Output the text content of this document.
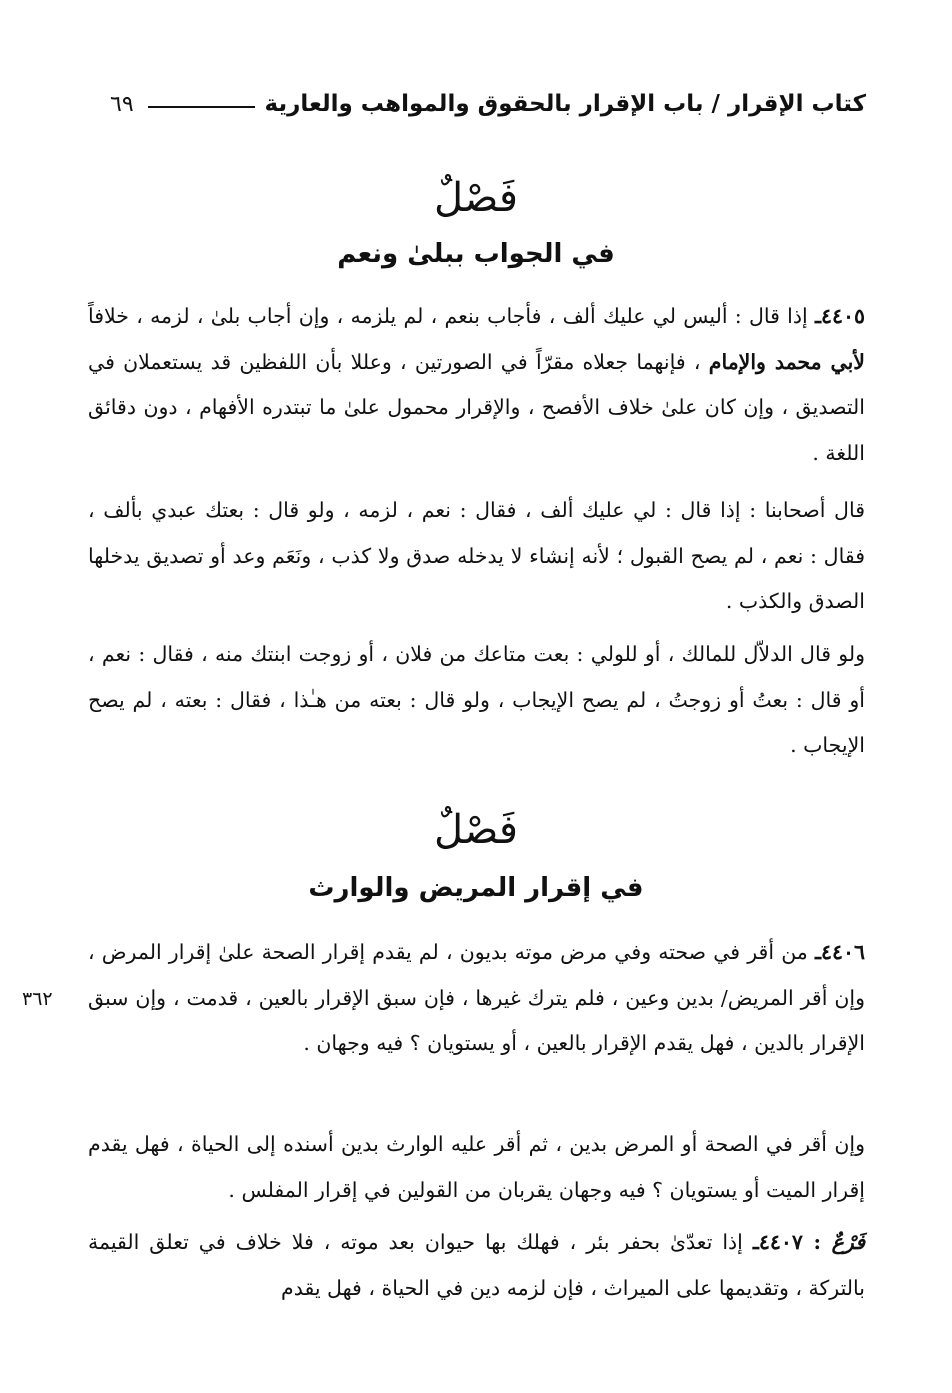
كتاب الإقرار / باب الإقرار بالحقوق والمواهب والعارية
٦٩
فَصْلٌ
في الجواب ببلىٰ ونعم

٤٤٠٥ـ إذا قال : أليس لي عليك ألف ، فأجاب بنعم ، لم يلزمه ، وإن أجاب بلىٰ ، لزمه ، خلافاً لأبي محمد والإمام ، فإنهما جعلاه مقرّاً في الصورتين ، وعللا بأن اللفظين قد يستعملان في التصديق ، وإن كان علىٰ خلاف الأفصح ، والإقرار محمول علىٰ ما تبتدره الأفهام ، دون دقائق اللغة .

قال أصحابنا : إذا قال : لي عليك ألف ، فقال : نعم ، لزمه ، ولو قال : بعتك عبدي بألف ، فقال : نعم ، لم يصح القبول ؛ لأنه إنشاء لا يدخله صدق ولا كذب ، ونَعَم وعد أو تصديق يدخلها الصدق والكذب .

ولو قال الدلاّل للمالك ، أو للولي : بعت متاعك من فلان ، أو زوجت ابنتك منه ، فقال : نعم ، أو قال : بعتُ أو زوجتُ ، لم يصح الإيجاب ، ولو قال : بعته من هـٰذا ، فقال : بعته ، لم يصح الإيجاب .

فَصْلٌ
في إقرار المريض والوارث

٤٤٠٦ـ من أقر في صحته وفي مرض موته بديون ، لم يقدم إقرار الصحة علىٰ إقرار المرض ، وإن أقر المريض/ بدين وعين ، فلم يترك غيرها ، فإن سبق الإقرار بالعين ، قدمت ، وإن سبق الإقرار بالدين ، فهل يقدم الإقرار بالعين ، أو يستويان ؟ فيه وجهان .

٣٦٢

وإن أقر في الصحة أو المرض بدين ، ثم أقر عليه الوارث بدين أسنده إلى الحياة ، فهل يقدم إقرار الميت أو يستويان ؟ فيه وجهان يقربان من القولين في إقرار المفلس .

فَرْعٌ : ٤٤٠٧ـ إذا تعدّىٰ بحفر بئر ، فهلك بها حيوان بعد موته ، فلا خلاف في تعلق القيمة بالتركة ، وتقديمها على الميراث ، فإن لزمه دين في الحياة ، فهل يقدم
